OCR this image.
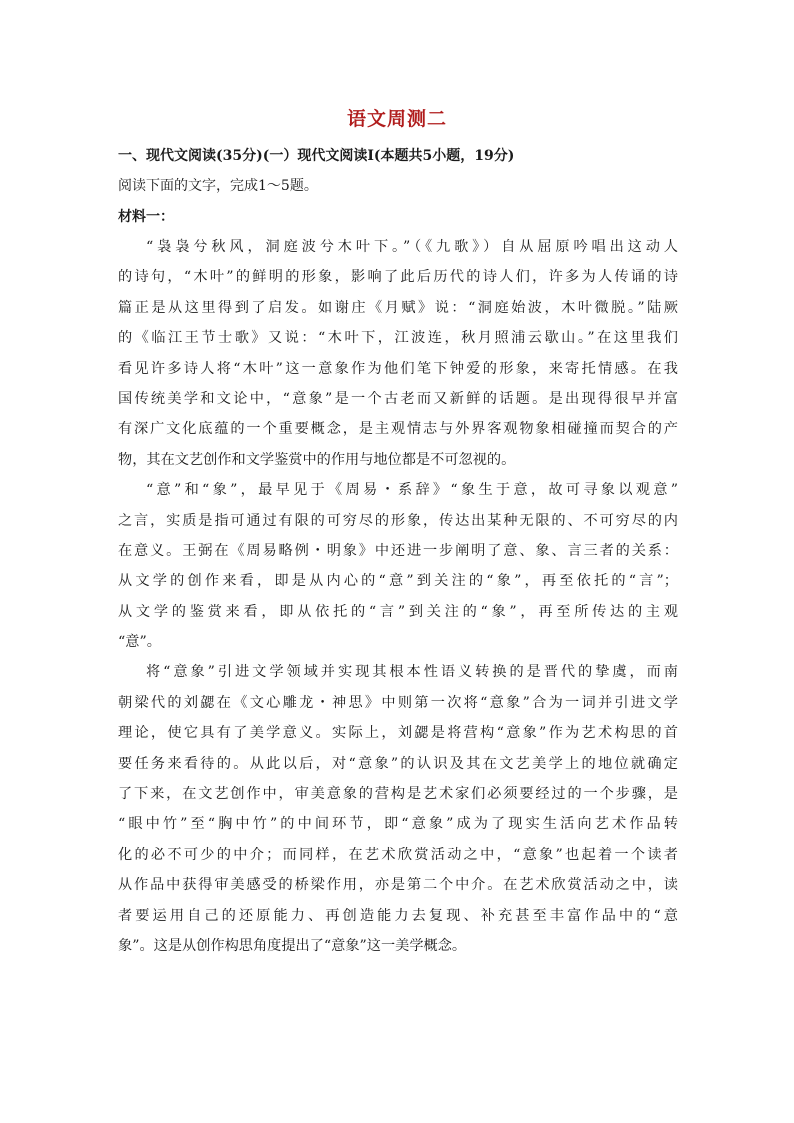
语文周测二
一、现代文阅读(35分)(一）现代文阅读Ⅰ(本题共5小题，19分)
阅读下面的文字，完成1～5题。
材料一：
“袅袅兮秋风，洞庭波兮木叶下。”（《九歌》）自从屈原吟唱出这动人
的诗句，“木叶”的鲜明的形象，影响了此后历代的诗人们，许多为人传诵的诗
篇正是从这里得到了启发。如谢庄《月赋》说：“洞庭始波，木叶微脱。”陆厥
的《临江王节士歌》又说：“木叶下，江波连，秋月照浦云歇山。”在这里我们
看见许多诗人将“木叶”这一意象作为他们笔下钟爱的形象，来寄托情感。在我
国传统美学和文论中，“意象”是一个古老而又新鲜的话题。是出现得很早并富
有深广文化底蕴的一个重要概念，是主观情志与外界客观物象相碰撞而契合的产
物，其在文艺创作和文学鉴赏中的作用与地位都是不可忽视的。
“意”和“象”，最早见于《周易・系辞》“象生于意，故可寻象以观意”
之言，实质是指可通过有限的可穷尽的形象，传达出某种无限的、不可穷尽的内
在意义。王弼在《周易略例・明象》中还进一步阐明了意、象、言三者的关系：
从文学的创作来看，即是从内心的“意”到关注的“象”，再至依托的“言”；
从文学的鉴赏来看，即从依托的“言”到关注的“象”，再至所传达的主观
“意”。
将“意象”引进文学领域并实现其根本性语义转换的是晋代的挚虞，而南
朝梁代的刘勰在《文心雕龙・神思》中则第一次将“意象”合为一词并引进文学
理论，使它具有了美学意义。实际上，刘勰是将营构“意象”作为艺术构思的首
要任务来看待的。从此以后，对“意象”的认识及其在文艺美学上的地位就确定
了下来，在文艺创作中，审美意象的营构是艺术家们必须要经过的一个步骤，是
“眼中竹”至“胸中竹”的中间环节，即“意象”成为了现实生活向艺术作品转
化的必不可少的中介；而同样，在艺术欣赏活动之中，“意象”也起着一个读者
从作品中获得审美感受的桥梁作用，亦是第二个中介。在艺术欣赏活动之中，读
者要运用自己的还原能力、再创造能力去复现、补充甚至丰富作品中的“意
象”。这是从创作构思角度提出了“意象”这一美学概念。
